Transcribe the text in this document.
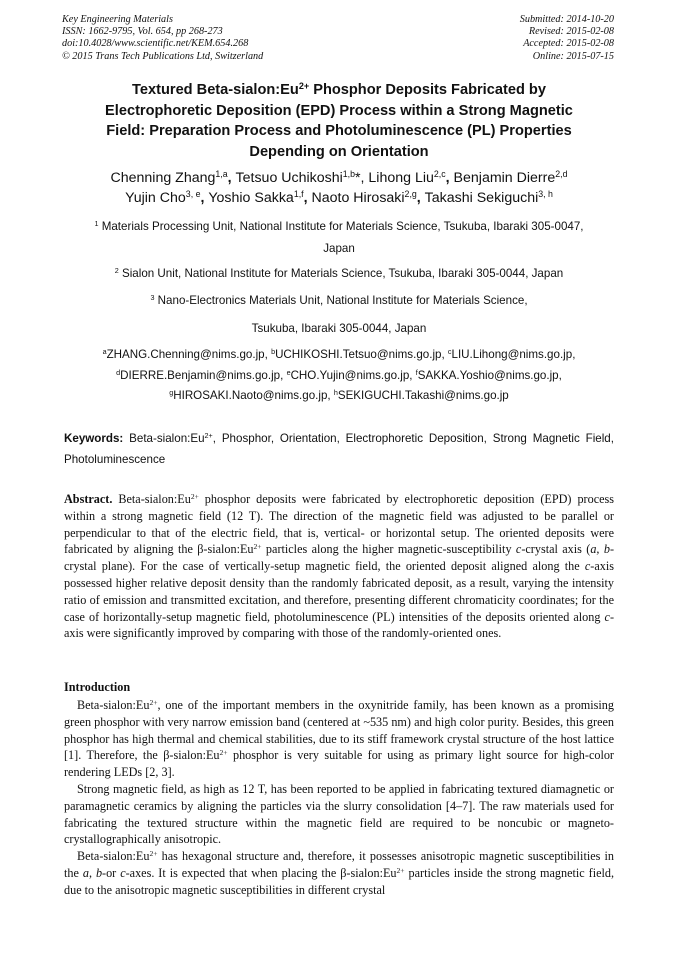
Key Engineering Materials
ISSN: 1662-9795, Vol. 654, pp 268-273
doi:10.4028/www.scientific.net/KEM.654.268
© 2015 Trans Tech Publications Ltd, Switzerland
Submitted: 2014-10-20
Revised: 2015-02-08
Accepted: 2015-02-08
Online: 2015-07-15
Textured Beta-$sialon:Eu^{2+}$ Phosphor Deposits Fabricated by
Electrophoretic Deposition (EPD) Process within a Strong Magnetic
Field: Preparation Process and Photoluminescence (PL) Properties
Depending on Orientation
Chenning Zhang$^{1,a}$, Tetsuo Uchikoshi$^{1,b}$*, Lihong Liu$^{2,c}$, Benjamin Dierre$^{2,d}$
Yujin Cho$^{3, e}$, Yoshio Sakka$^{1,f}$, Naoto Hirosaki$^{2,g}$, Takashi Sekiguchi$^{3, h}$
$^1$ Materials Processing Unit, National Institute for Materials Science, Tsukuba, Ibaraki 305-0047,
Japan
$^2$ Sialon Unit, National Institute for Materials Science, Tsukuba, Ibaraki 305-0044, Japan
$^3$ Nano-Electronics Materials Unit, National Institute for Materials Science,
Tsukuba, Ibaraki 305-0044, Japan
$^a$ZHANG.Chenning@nims.go.jp, $^b$UCHIKOSHI.Tetsuo@nims.go.jp, $^c$LIU.Lihong@nims.go.jp,
$^d$DIERRE.Benjamin@nims.go.jp, $^e$CHO.Yujin@nims.go.jp, $^f$SAKKA.Yoshio@nims.go.jp,
$^g$HIROSAKI.Naoto@nims.go.jp, $^h$SEKIGUCHI.Takashi@nims.go.jp
Keywords: Beta-$sialon:Eu^{2+}$, Phosphor, Orientation, Electrophoretic Deposition, Strong Magnetic Field, Photoluminescence
Abstract. Beta-$sialon:Eu^{2+}$ phosphor deposits were fabricated by electrophoretic deposition (EPD) process within a strong magnetic field (12 T). The direction of the magnetic field was adjusted to be parallel or perpendicular to that of the electric field, that is, vertical- or horizontal setup. The oriented deposits were fabricated by aligning the $\beta-sialon:Eu^{2+}$ particles along the higher magnetic-susceptibility c-crystal axis (a, b-crystal plane). For the case of vertically-setup magnetic field, the oriented deposit aligned along the c-axis possessed higher relative deposit density than the randomly fabricated deposit, as a result, varying the intensity ratio of emission and transmitted excitation, and therefore, presenting different chromaticity coordinates; for the case of horizontally-setup magnetic field, photoluminescence (PL) intensities of the deposits oriented along c-axis were significantly improved by comparing with those of the randomly-oriented ones.
Introduction

Beta-$sialon:Eu^{2+}$, one of the important members in the oxynitride family, has been known as a promising green phosphor with very narrow emission band (centered at ~535 nm) and high color purity. Besides, this green phosphor has high thermal and chemical stabilities, due to its stiff framework crystal structure of the host lattice [1]. Therefore, the $\beta-sialon:Eu^{2+}$ phosphor is very suitable for using as primary light source for high-color rendering LEDs [2, 3].

Strong magnetic field, as high as 12 T, has been reported to be applied in fabricating textured diamagnetic or paramagnetic ceramics by aligning the particles via the slurry consolidation [4–7]. The raw materials used for fabricating the textured structure within the magnetic field are required to be noncubic or magneto-crystallographically anisotropic.

Beta-$sialon:Eu^{2+}$ has hexagonal structure and, therefore, it possesses anisotropic magnetic susceptibilities in the a, b-or c-axes. It is expected that when placing the $\beta-sialon:Eu^{2+}$ particles inside the strong magnetic field, due to the anisotropic magnetic susceptibilities in different crystal
